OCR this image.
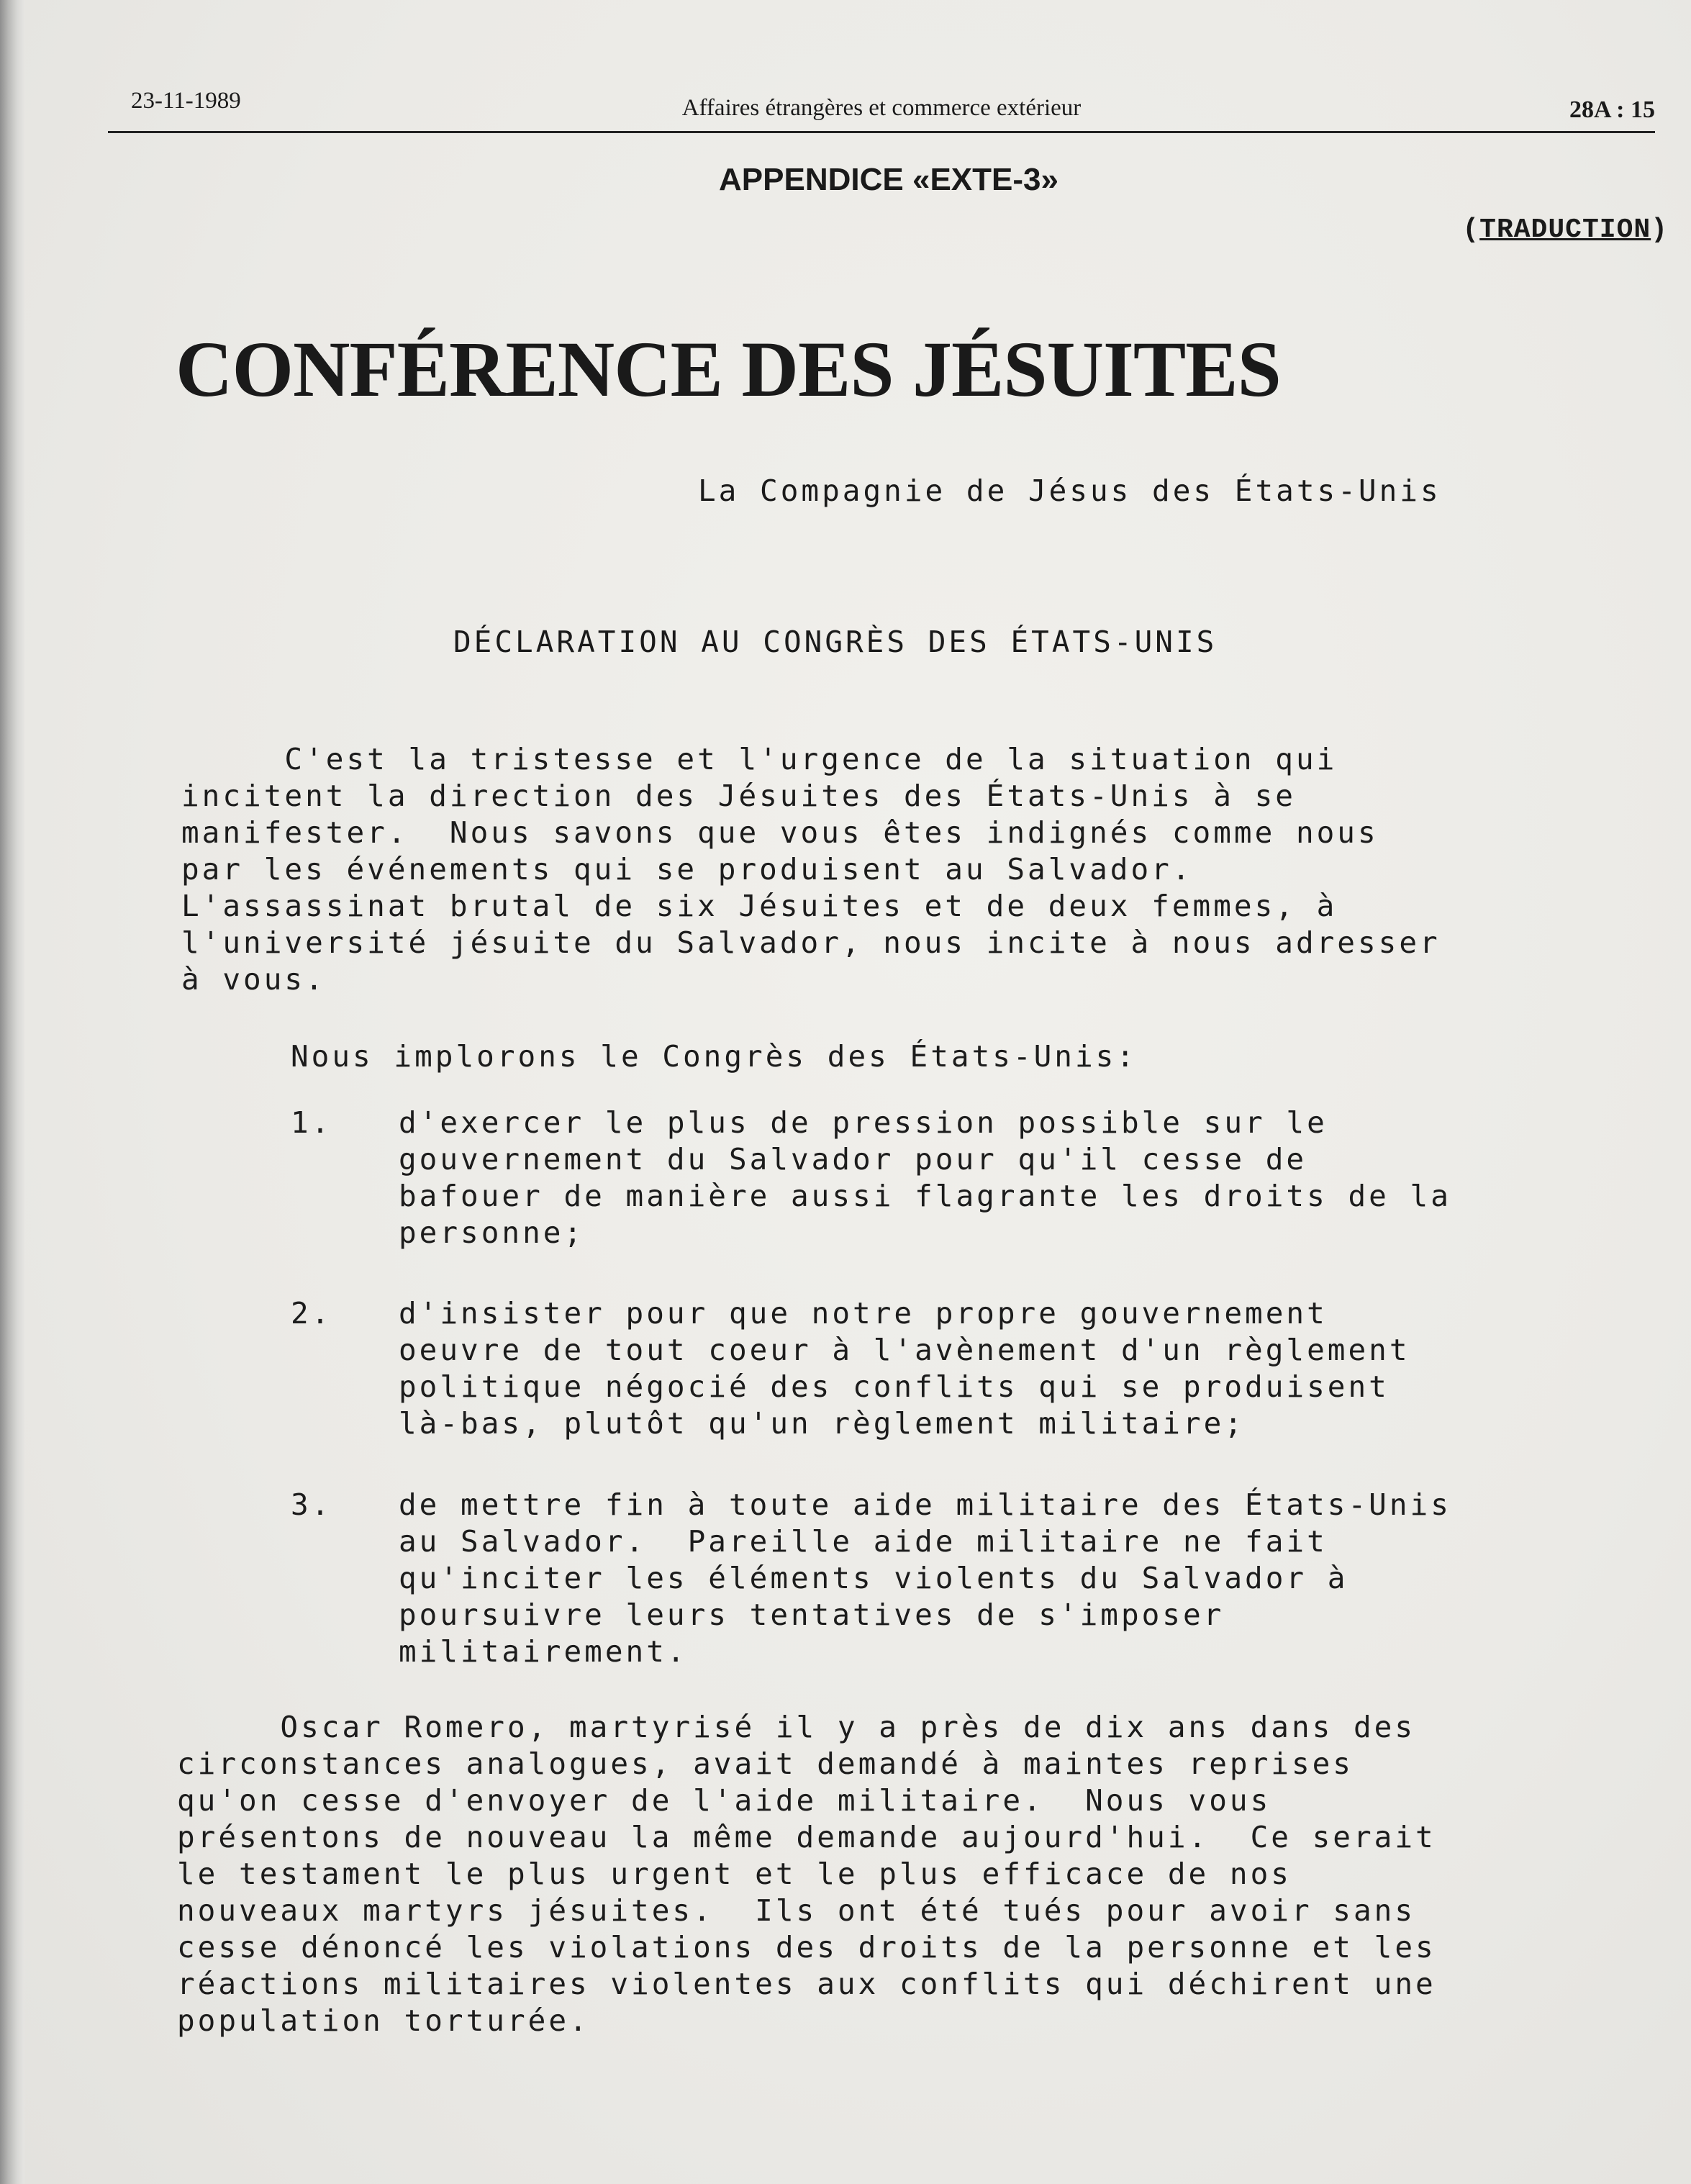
23-11-1989	Affaires étrangères et commerce extérieur	28A : 15
APPENDICE «EXTE-3»
(TRADUCTION)
CONFÉRENCE DES JÉSUITES
La Compagnie de Jésus des États-Unis
DÉCLARATION AU CONGRÈS DES ÉTATS-UNIS
C'est la tristesse et l'urgence de la situation qui
incitent la direction des Jésuites des États-Unis à se
manifester.  Nous savons que vous êtes indignés comme nous
par les événements qui se produisent au Salvador.
L'assassinat brutal de six Jésuites et de deux femmes, à
l'université jésuite du Salvador, nous incite à nous adresser
à vous.
Nous implorons le Congrès des États-Unis:
1. d'exercer le plus de pression possible sur le
gouvernement du Salvador pour qu'il cesse de
bafouer de manière aussi flagrante les droits de la
personne;
2. d'insister pour que notre propre gouvernement
oeuvre de tout coeur à l'avènement d'un règlement
politique négocié des conflits qui se produisent
là-bas, plutôt qu'un règlement militaire;
3. de mettre fin à toute aide militaire des États-Unis
au Salvador.  Pareille aide militaire ne fait
qu'inciter les éléments violents du Salvador à
poursuivre leurs tentatives de s'imposer
militairement.
Oscar Romero, martyrisé il y a près de dix ans dans des
circonstances analogues, avait demandé à maintes reprises
qu'on cesse d'envoyer de l'aide militaire.  Nous vous
présentons de nouveau la même demande aujourd'hui.  Ce serait
le testament le plus urgent et le plus efficace de nos
nouveaux martyrs jésuites.  Ils ont été tués pour avoir sans
cesse dénoncé les violations des droits de la personne et les
réactions militaires violentes aux conflits qui déchirent une
population torturée.
